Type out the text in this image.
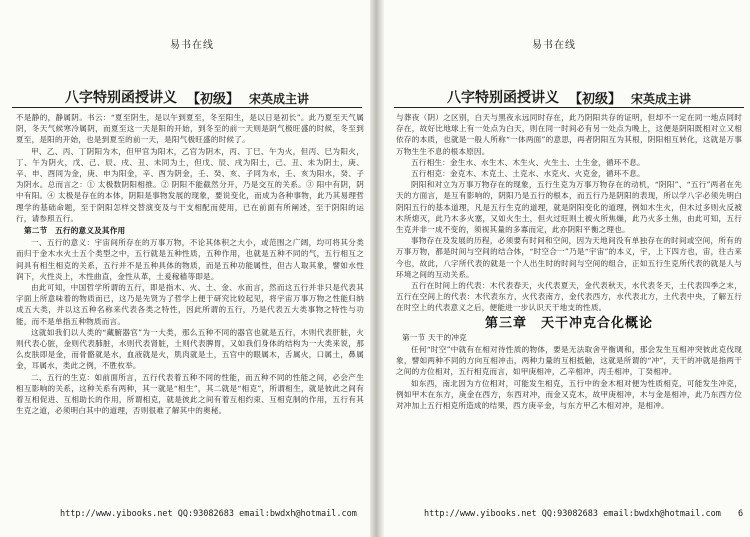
易书在线
八字特别函授讲义 【初级】 宋英成主讲

不是静的，静属阴。书云：“夏至阴生，是以午到夏至，冬至阳生，是以日是初长”。此乃夏至天气属阴，冬天气候寒冷属阴，而夏至这一天是阳的开始，到冬至的前一天则是阴气极旺盛的时候，冬至到夏至，是阳的开始，也是到夏至的前一天，是阳气极旺盛的时候了。

甲、乙、丙、丁阴阳为木，但甲官为阳木，乙官为阴木，丙、丁巳、午为火，但丙、巳为阳火，丁、午为阴火，戊、己、辰、戌、丑、未同为土，但戊、辰、戌为阳土，己、丑、未为阴土，庚、辛、申、酉同为金，庚、申为阳金，辛、酉为阴金，壬、癸、亥、子同为水，壬、亥为阳水，癸、子为阴水。总而言之：① 太极数阴阳相推。② 阴阳不能截然分开，乃是交互的关系。③ 阳中有阴，阴中有阳。④ 太极是存在的本体，阴阳是事物发展的现象，要说变化，而成为各种事物，此乃其易理哲理学的基础命题，至于阴阳怎样交替演变及与干支相配而使用，已在前面有所阐述，至于阴阳的运行，请参照五行。

第二节　五行的意义及其作用

一、五行的意义：宇宙间所存在的万事万物，不论其体积之大小，或范围之广阔，均可将其分类而归于金木水火土五个类型之中，五行就是五种性质，五种作用，也就是五种不同的气，五行相互之间具有相生相克的关系，五行并不是五种具体的物质，而是五种功能属性，但古人取其象，譬如水性润下，火性炎上，木性曲直，金性从革，土爰稼穑等即是。

由此可知，中国哲学所谓的五行，即是指木、火、土、金、水而言，然而这五行并非只是代表其字面上所意味着的物质而已，这乃是先贤为了哲学上便于研究比较起见，将宇宙万事万物之性能归纳成五大类，并以这五种名称来代表各类之特性，因此所谓的五行，乃是代表五大类事物之特性与功能，而不是单指五种物质而言。

这就如我们以人类的“藏腑器官”为一大类，那么五种不同的器官也就是五行，木则代表肝脏，火则代表心脏，金则代表肺脏，水则代表肾脏，土则代表脾胃，又如我们身体的结构为一大类来说，那么皮肤即是金，而骨骼就是水，血液就是火，肌肉就是土，五官中的眼属木，舌属火，口属土，鼻属金，耳属水，类此之例，不胜枚举。

二、五行的生克：如前面所言，五行代表着五种不同的性能，而五种不同的性能之间，必会产生相互影响的关系，这种关系有两种，其一就是“相生”，其二就是“相克”，所谓相生，就是彼此之间有着互相促进、互相助长的作用，所谓相克，就是彼此之间有着互相约束、互相克制的作用，五行有其生克之道，必须明白其中的道理，否则很难了解其中的奥秘。

http://www.yibooks.net QQ:93082683 email:bwdxh@hotmail.com
易书在线
八字特别函授讲义 【初级】 宋英成主讲

与葬夜（阴）之区别，白天与黑夜永远同时存在，此乃阴阳共存的证明，但却不一定在同一地点同时存在，故好比地球上有一处点为白天，则在同一时间必有另一处点为晚上，这便是阴阳既相对立又相依存的本质，也就是一般人所称“一体两面”的意思，再者阴阳互为其根，阴阳相互转化，这就是万事万物生生不息的根本原因。

五行相生：金生水、水生木、木生火、火生土、土生金，循环不息。

五行相克：金克木、木克土、土克水、水克火、火克金，循环不息。

阴阳和对立为万事万物存在的现象，五行生克为万事万物存在的动机，“阴阳”、“五行”两者在先天的方面言，是互有影响的，阴阳乃是五行的根本，而五行乃是阴阳的表现，所以学八字必须先明白阴阳五行的基本道理，凡是五行生克的道理，就是阴阳变化的道理，例如木生火，但木过多则火反被木所熄灭，此乃木多火塞，又如火生土，但火过旺则土被火所焦燥，此乃火多土焦，由此可知，五行生克并非一成不变的，须视其量的多寡而定，此亦阴阳平衡之理也。

事物存在及发展的历程，必须要有时间和空间，因为天地间没有单独存在的时间或空间，所有的万事万物，都是时间与空间的结合体，“时空合一”乃是“宇宙”的本义，宇，上下四方也，宙，往古来今也，故此，八字所代表的就是一个人出生时的时间与空间的组合，正如五行生克所代表的就是人与环境之间的互动关系。

五行在时间上的代表：木代表春天，火代表夏天，金代表秋天，水代表冬天，土代表四季之末，五行在空间上的代表：木代表东方，火代表南方，金代表西方，水代表北方，土代表中央，了解五行在时空上的代表意义之后，便能进一步认识天干地支的性质。

第三章　天干冲克合化概论
第一节 天干的冲克

任何“时空”中就有在相对待性质的物体，要是无法取舍平衡调和，那会发生互相冲突彼此克伐现象，譬如两种不同的方向互相冲击，两种力量的互相抵触，这就是所谓的“冲”，天干的冲就是指两干之间的方位相对，五行相克而言，如甲庚相冲，乙辛相冲，丙壬相冲，丁癸相冲。

如东西，南北因为方位相对，可能发生相克，五行中的金木相对便为性质相克，可能发生冲克，例如甲木在东方，庚金在西方，东西对冲，而金又克木，故甲庚相冲，木与金是相冲，此乃东西方位对冲加上五行相克所造成的结果，西方庚辛金，与东方甲乙木相对冲，是相冲。

http://www.yibooks.net QQ:93082683 email:bwdxh@hotmail.com 6
